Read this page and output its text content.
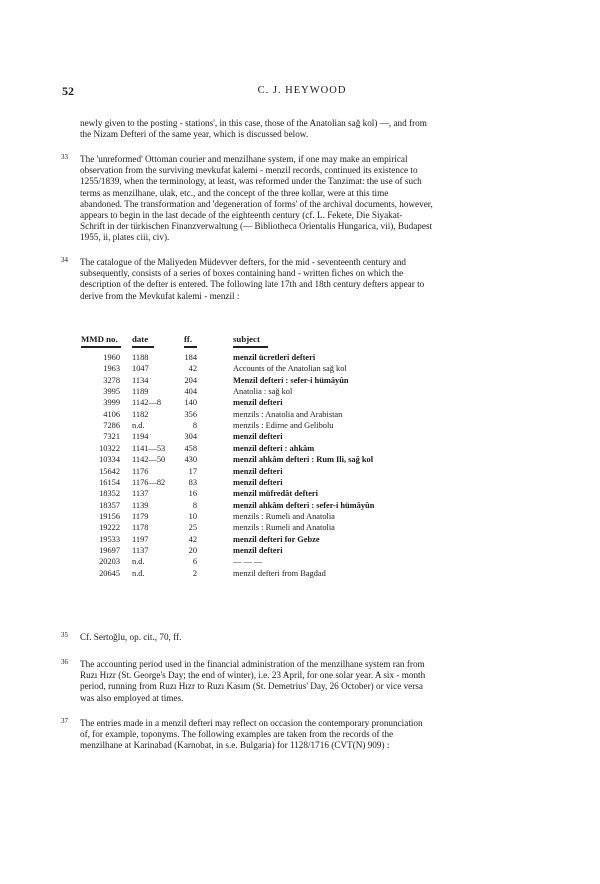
52	C. J. HEYWOOD
newly given to the posting - stations', in this case, those of the Anatolian sağ kol) —, and from
the Nizam Defteri of the same year, which is discussed below.
33 The 'unreformed' Ottoman courier and menzilhane system, if one may make an empirical
observation from the surviving mevkufat kalemi - menzil records, continued its existence to
1255/1839, when the terminology, at least, was reformed under the Tanzimat: the use of such
terms as menzilhane, ulak, etc., and the concept of the three kollar, were at this time
abandoned. The transformation and 'degeneration of forms' of the archival documents, however,
appears to begin in the last decade of the eighteenth century (cf. L. Fekete, Die Siyakat-
Schrift in der türkischen Finanzverwaltung (— Bibliotheca Orientalis Hungarica, vii), Budapest
1955, ii, plates ciii, civ).
34 The catalogue of the Maliyeden Müdevver defters, for the mid - seventeenth century and
subsequently, consists of a series of boxes containing hand - written fiches on which the
description of the defter is entered. The following late 17th and 18th century defters appear to
derive from the Mevkufat kalemi - menzil :
MMD no. date	ff.	subject
1960 1188	184	menzil ücretleri defteri
1963 1047	42	Accounts of the Anatolian sağ kol
3278 1134	204	Menzil defteri : sefer-i hümâyûn
3995 1189	404	Anatolia : sağ kol
3999 1142—8	140	menzil defteri
4106 1182	356	menzils : Anatolia and Arabistan
7286 n.d.	8	menzils : Edirne and Gelibolu
7321 1194	304	menzil defteri
10322 1141—53 458	menzil defteri : ahkâm
10334 1142—50 430	menzil ahkâm defteri : Rum Ili, sağ kol
15642 1176	17	menzil defteri
16154 1176—82	83	menzil defteri
18352 1137	16	menzil müfredât defteri
18357 1139	8	menzil ahkâm defteri : sefer-i hümâyûn
19156 1179	10	menzils : Rumeli and Anatolia
19222 1178	25	menzils : Rumeli and Anatolia
19533 1197	42	menzil defteri for Gebze
19697 1137	20	menzil defteri
20203 n.d.	6	— — —
20645 n.d.	2	menzil defteri from Bagdad
35 Cf. Sertoğlu, op. cit., 70, ff.
36 The accounting period used in the financial administration of the menzilhane system ran from
Ruzı Hızr (St. George's Day; the end of winter), i.e. 23 April, for one solar year. A six - month
period, running from Ruzı Hızr to Ruzı Kasım (St. Demetrius' Day, 26 October) or vice versa
was also employed at times.
37 The entries made in a menzil defteri may reflect on occasion the contemporary pronunciation
of, for example, toponyms. The following examples are taken from the records of the
menzilhane at Karinabad (Karnobat, in s.e. Bulgaria) for 1128/1716 (CVT(N) 909) :
